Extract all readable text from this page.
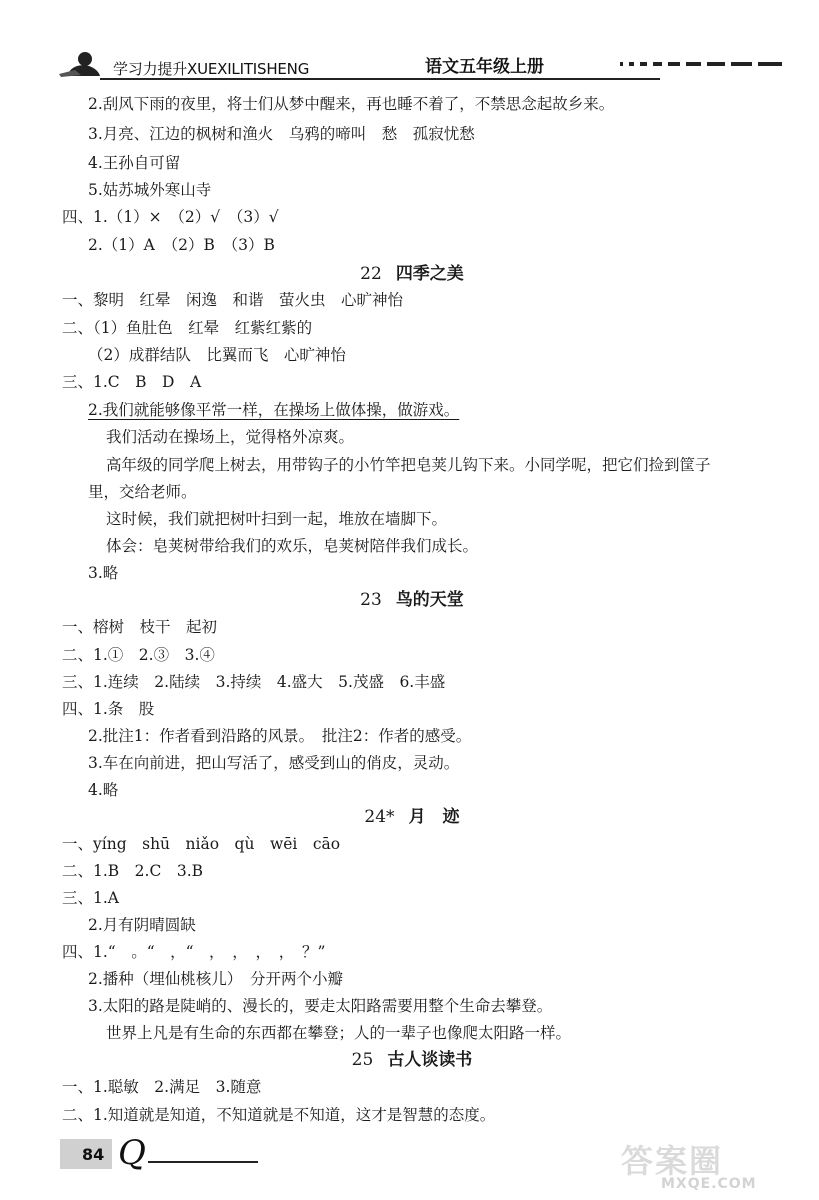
学习力提升XUEXILITISHENG	语文五年级上册
2.刮风下雨的夜里，将士们从梦中醒来，再也睡不着了，不禁思念起故乡来。
3.月亮、江边的枫树和渔火　乌鸦的啼叫　愁　孤寂忧愁
4.王孙自可留
5.姑苏城外寒山寺
四、1.（1）×　（2）√　（3）√
2.（1）A　（2）B　（3）B
22 四季之美
一、黎明　红晕　闲逸　和谐　萤火虫　心旷神怡
二、（1）鱼肚色　红晕　红紫红紫的
（2）成群结队　比翼而飞　心旷神怡
三、1.C　B　D　A
2.我们就能够像平常一样，在操场上做体操，做游戏。
我们活动在操场上，觉得格外凉爽。
高年级的同学爬上树去，用带钩子的小竹竿把皂荚儿钩下来。小同学呢，把它们捡到筐子
里，交给老师。
这时候，我们就把树叶扫到一起，堆放在墙脚下。
体会：皂荚树带给我们的欢乐，皂荚树陪伴我们成长。
3.略
23 鸟的天堂
一、榕树　枝干　起初
二、1.①　2.③　3.④
三、1.连续　2.陆续　3.持续　4.盛大　5.茂盛　6.丰盛
四、1.条　股
2.批注1：作者看到沿路的风景。　批注2：作者的感受。
3.车在向前进，把山写活了，感受到山的俏皮，灵动。
4.略
24* 月　迹
一、yíng　shū　niǎo　qù　wēi　cāo
二、1.B　2.C　3.B
三、1.A
2.月有阴晴圆缺
四、1.“　。“　，“　，　，　，　，　？”
2.播种（埋仙桃核儿）　分开两个小瓣
3.太阳的路是陡峭的、漫长的，要走太阳路需要用整个生命去攀登。
世界上凡是有生命的东西都在攀登；人的一辈子也像爬太阳路一样。
25 古人谈读书
一、1.聪敏　2.满足　3.随意
二、1.知道就是知道，不知道就是不知道，这才是智慧的态度。
84 Q	答案圈
MXQE.COM
